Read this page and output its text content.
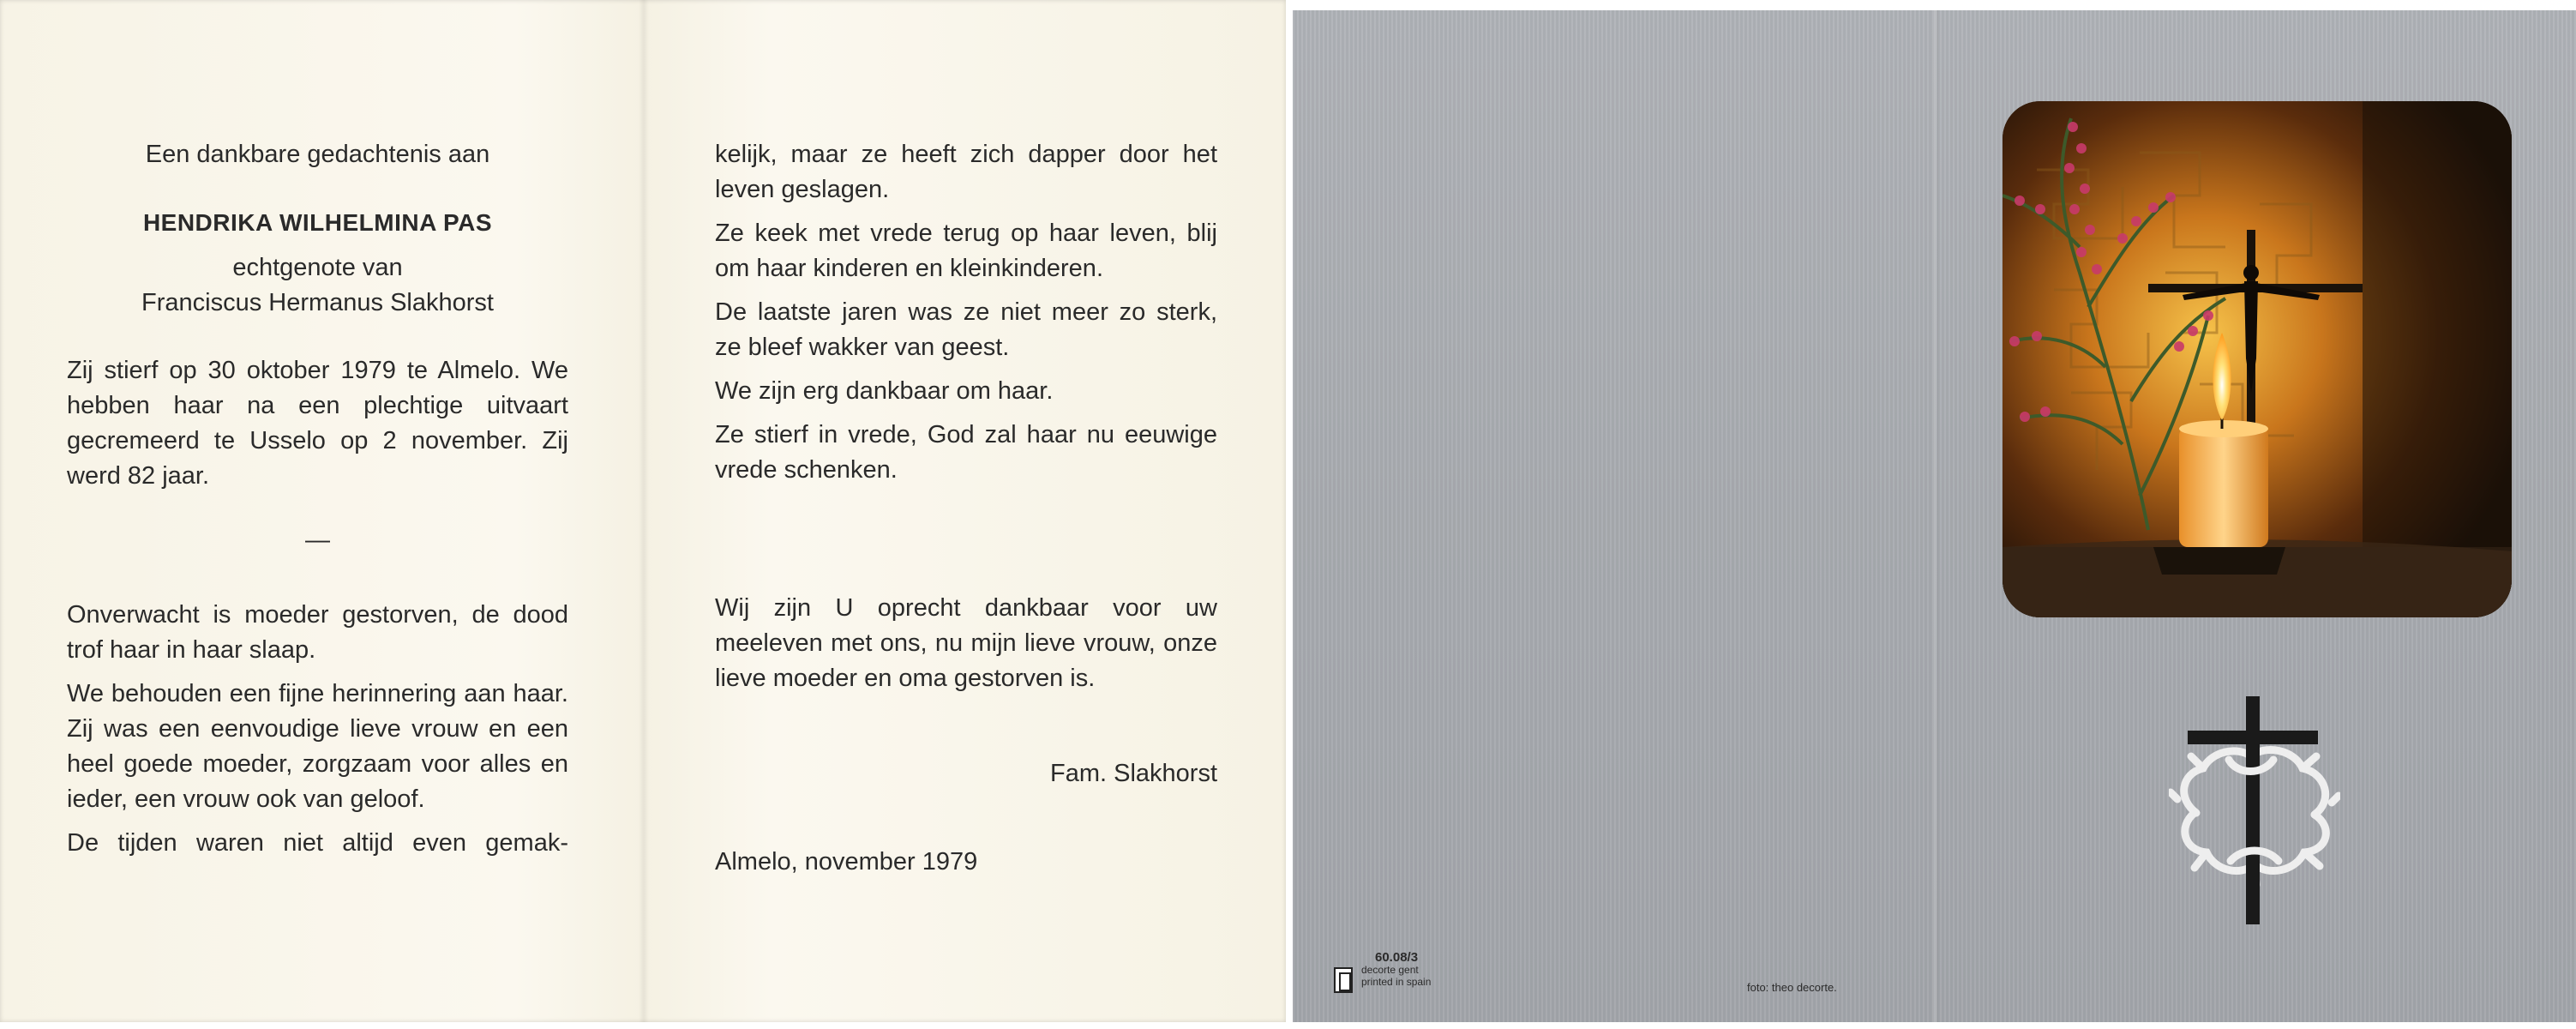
Een dankbare gedachtenis aan
HENDRIKA WILHELMINA PAS
echtgenote van
Franciscus Hermanus Slakhorst
Zij stierf op 30 oktober 1979 te Almelo. We hebben haar na een plechtige uitvaart gecremeerd te Usselo op 2 november. Zij werd 82 jaar.
—
Onverwacht is moeder gestorven, de dood trof haar in haar slaap.
We behouden een fijne herinnering aan haar. Zij was een eenvoudige lieve vrouw en een heel goede moeder, zorgzaam voor alles en ieder, een vrouw ook van geloof.
De tijden waren niet altijd even gemak-
kelijk, maar ze heeft zich dapper door het leven geslagen.
Ze keek met vrede terug op haar leven, blij om haar kinderen en kleinkinderen.
De laatste jaren was ze niet meer zo sterk, ze bleef wakker van geest.
We zijn erg dankbaar om haar.
Ze stierf in vrede, God zal haar nu eeuwige vrede schenken.
Wij zijn U oprecht dankbaar voor uw meeleven met ons, nu mijn lieve vrouw, onze lieve moeder en oma gestorven is.
Fam. Slakhorst
Almelo, november 1979
60.08/3
decorte gent
printed in spain	foto: theo decorte.
